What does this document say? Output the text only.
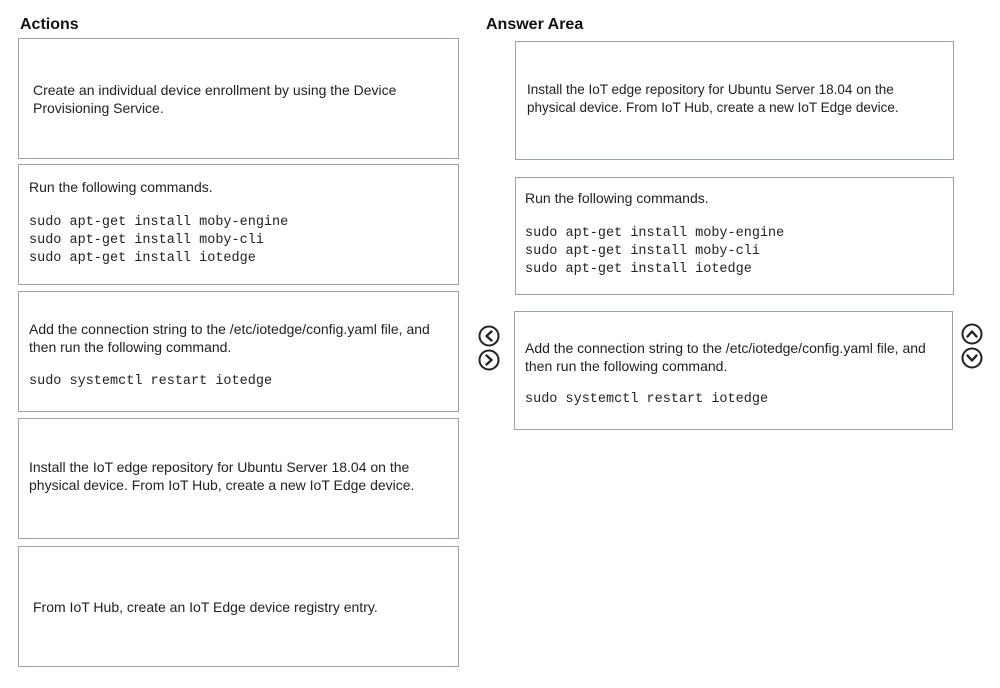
Actions	Answer Area
Create an individual device enrollment by using the Device
Provisioning Service.
Run the following commands.
sudo apt-get install moby-engine
sudo apt-get install moby-cli
sudo apt-get install iotedge
Add the connection string to the /etc/iotedge/config.yaml file, and
then run the following command.
sudo systemctl restart iotedge
Install the IoT edge repository for Ubuntu Server 18.04 on the
physical device. From IoT Hub, create a new IoT Edge device.
From IoT Hub, create an IoT Edge device registry entry.
Install the IoT edge repository for Ubuntu Server 18.04 on the
physical device. From IoT Hub, create a new IoT Edge device.
Run the following commands.
sudo apt-get install moby-engine
sudo apt-get install moby-cli
sudo apt-get install iotedge
Add the connection string to the /etc/iotedge/config.yaml file, and
then run the following command.
sudo systemctl restart iotedge
